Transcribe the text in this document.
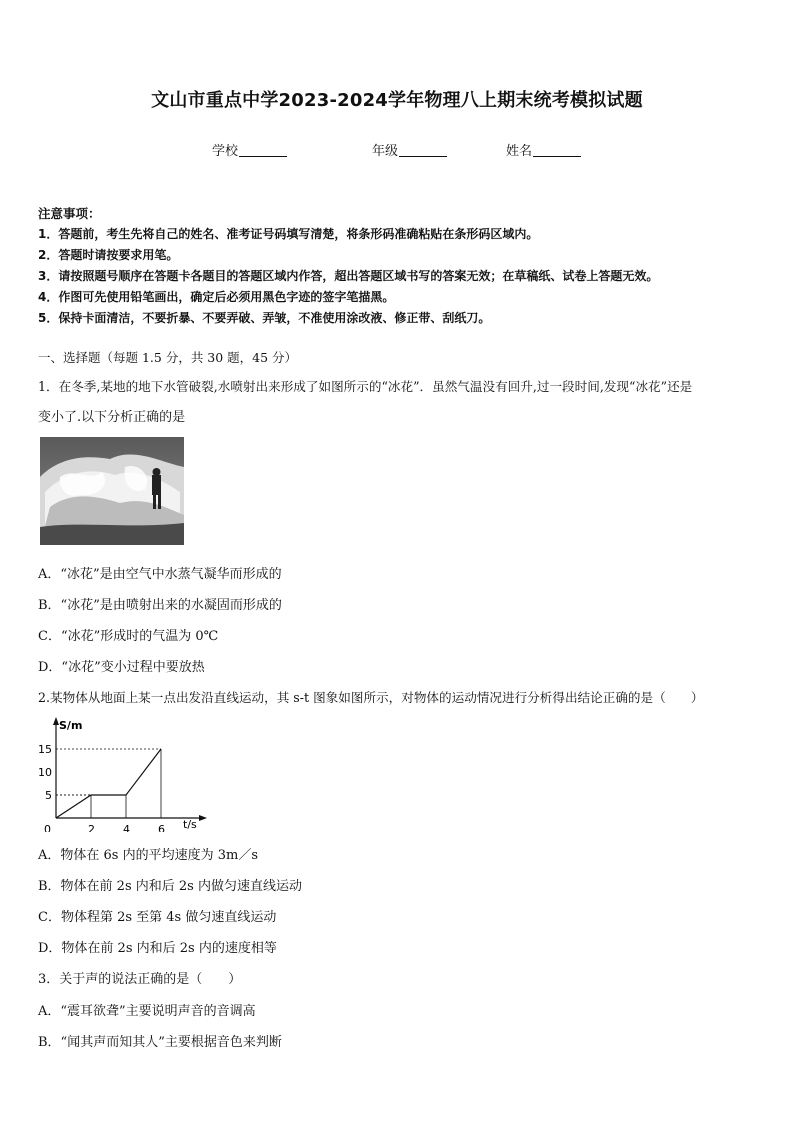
文山市重点中学2023-2024学年物理八上期末统考模拟试题
学校	年级	姓名
注意事项：
1．答题前，考生先将自己的姓名、准考证号码填写清楚，将条形码准确粘贴在条形码区域内。
2．答题时请按要求用笔。
3．请按照题号顺序在答题卡各题目的答题区域内作答，超出答题区域书写的答案无效；在草稿纸、试卷上答题无效。
4．作图可先使用铅笔画出，确定后必须用黑色字迹的签字笔描黑。
5．保持卡面清洁，不要折暴、不要弄破、弄皱，不准使用涂改液、修正带、刮纸刀。
一、选择题（每题 1.5 分，共 30 题，45 分）
1．在冬季,某地的地下水管破裂,水喷射出来形成了如图所示的“冰花”．虽然气温没有回升,过一段时间,发现“冰花”还是
变小了.以下分析正确的是
A．“冰花”是由空气中水蒸气凝华而形成的
B．“冰花”是由喷射出来的水凝固而形成的
C．“冰花”形成时的气温为 0℃
D．“冰花”变小过程中要放热
2.某物体从地面上某一点出发沿直线运动，其 s-t 图象如图所示，对物体的运动情况进行分析得出结论正确的是（　　）
S/m
t/s
0	2	4	6
5
10
15
A．物体在 6s 内的平均速度为 3m／s
B．物体在前 2s 内和后 2s 内做匀速直线运动
C．物体程第 2s 至第 4s 做匀速直线运动
D．物体在前 2s 内和后 2s 内的速度相等
3．关于声的说法正确的是（　　）
A．“震耳欲聋”主要说明声音的音调高
B．“闻其声而知其人”主要根据音色来判断
